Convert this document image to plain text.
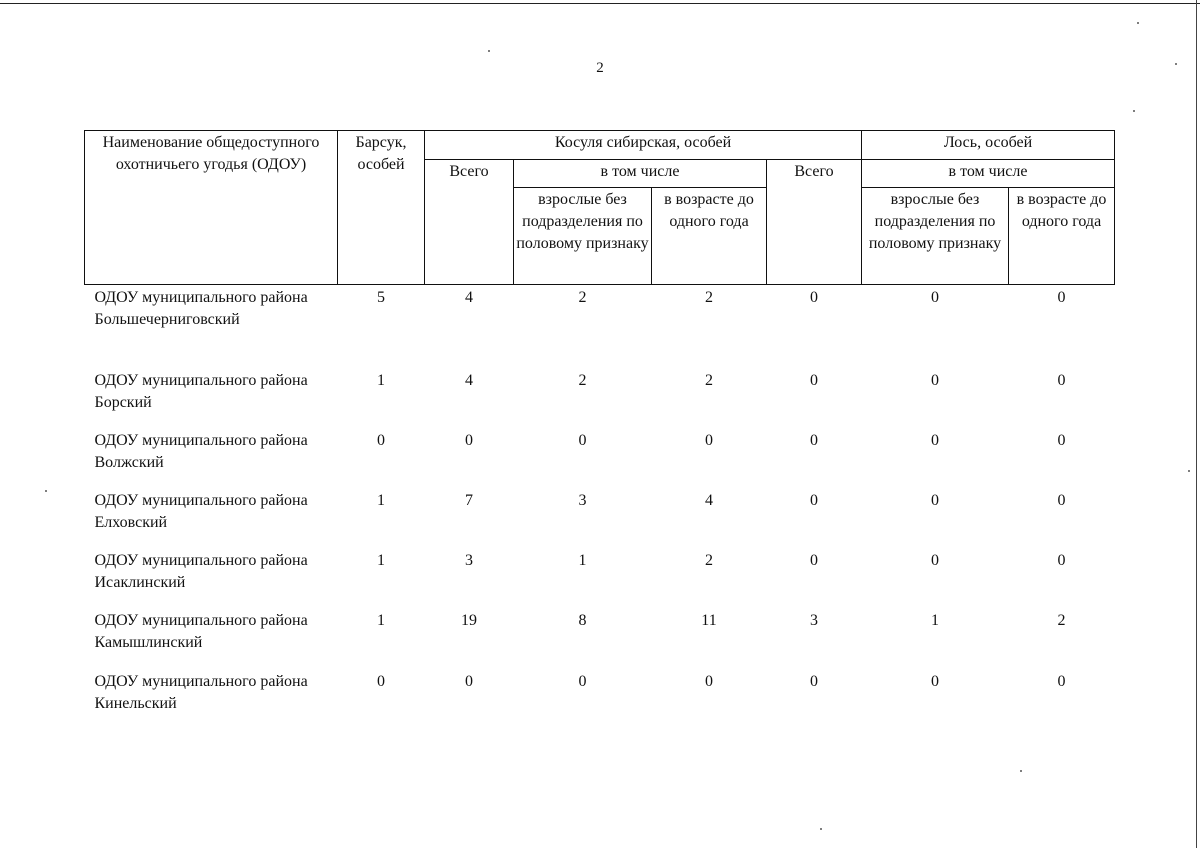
2
Наименование общедоступного охотничьего угодья (ОДОУ)	Барсук, особей	Косуля сибирская, особей				Лось, особей	
		Всего	в том числе		Всего	в том числе	
			взрослые без подразделения по половому признаку	в возрасте до одного года		взрослые без подразделения по половому признаку	в возрасте до одного года
ОДОУ муниципального района Большечерниговский	5	4	2	2	0	0	0
ОДОУ муниципального района Борский	1	4	2	2	0	0	0
ОДОУ муниципального района Волжский	0	0	0	0	0	0	0
ОДОУ муниципального района Елховский	1	7	3	4	0	0	0
ОДОУ муниципального района Исаклинский	1	3	1	2	0	0	0
ОДОУ муниципального района Камышлинский	1	19	8	11	3	1	2
ОДОУ муниципального района Кинельский	0	0	0	0	0	0	0
